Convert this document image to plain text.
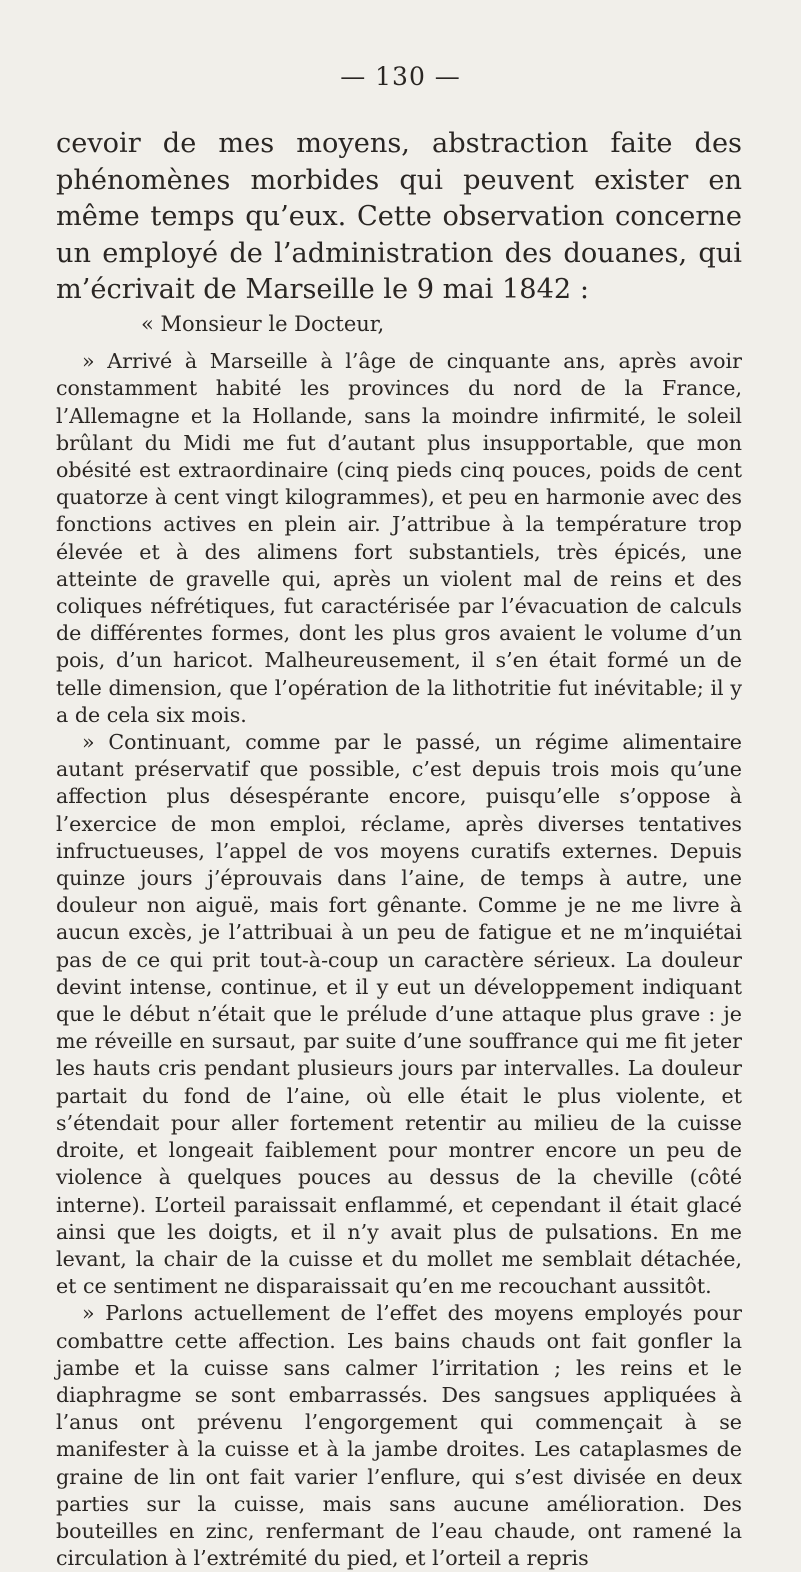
— 130 —
cevoir de mes moyens, abstraction faite des phénomènes morbides qui peuvent exister en même temps qu’eux. Cette observation concerne un employé de l’administration des douanes, qui m’écrivait de Marseille le 9 mai 1842 :
« Monsieur le Docteur,

» Arrivé à Marseille à l’âge de cinquante ans, après avoir constamment habité les provinces du nord de la France, l’Allemagne et la Hollande, sans la moindre infirmité, le soleil brûlant du Midi me fut d’autant plus insupportable, que mon obésité est extraordinaire (cinq pieds cinq pouces, poids de cent quatorze à cent vingt kilogrammes), et peu en harmonie avec des fonctions actives en plein air. J’attribue à la température trop élevée et à des alimens fort substantiels, très épicés, une atteinte de gravelle qui, après un violent mal de reins et des coliques néfrétiques, fut caractérisée par l’évacuation de calculs de différentes formes, dont les plus gros avaient le volume d’un pois, d’un haricot. Malheureusement, il s’en était formé un de telle dimension, que l’opération de la lithotritie fut inévitable; il y a de cela six mois.

» Continuant, comme par le passé, un régime alimentaire autant préservatif que possible, c’est depuis trois mois qu’une affection plus désespérante encore, puisqu’elle s’oppose à l’exercice de mon emploi, réclame, après diverses tentatives infructueuses, l’appel de vos moyens curatifs externes. Depuis quinze jours j’éprouvais dans l’aine, de temps à autre, une douleur non aiguë, mais fort gênante. Comme je ne me livre à aucun excès, je l’attribuai à un peu de fatigue et ne m’inquiétai pas de ce qui prit tout-à-coup un caractère sérieux. La douleur devint intense, continue, et il y eut un développement indiquant que le début n’était que le prélude d’une attaque plus grave : je me réveille en sursaut, par suite d’une souffrance qui me fit jeter les hauts cris pendant plusieurs jours par intervalles. La douleur partait du fond de l’aine, où elle était le plus violente, et s’étendait pour aller fortement retentir au milieu de la cuisse droite, et longeait faiblement pour montrer encore un peu de violence à quelques pouces au dessus de la cheville (côté interne). L’orteil paraissait enflammé, et cependant il était glacé ainsi que les doigts, et il n’y avait plus de pulsations. En me levant, la chair de la cuisse et du mollet me semblait détachée, et ce sentiment ne disparaissait qu’en me recouchant aussitôt.

» Parlons actuellement de l’effet des moyens employés pour combattre cette affection. Les bains chauds ont fait gonfler la jambe et la cuisse sans calmer l’irritation ; les reins et le diaphragme se sont embarrassés. Des sangsues appliquées à l’anus ont prévenu l’engorgement qui commençait à se manifester à la cuisse et à la jambe droites. Les cataplasmes de graine de lin ont fait varier l’enflure, qui s’est divisée en deux parties sur la cuisse, mais sans aucune amélioration. Des bouteilles en zinc, renfermant de l’eau chaude, ont ramené la circulation à l’extrémité du pied, et l’orteil a repris
